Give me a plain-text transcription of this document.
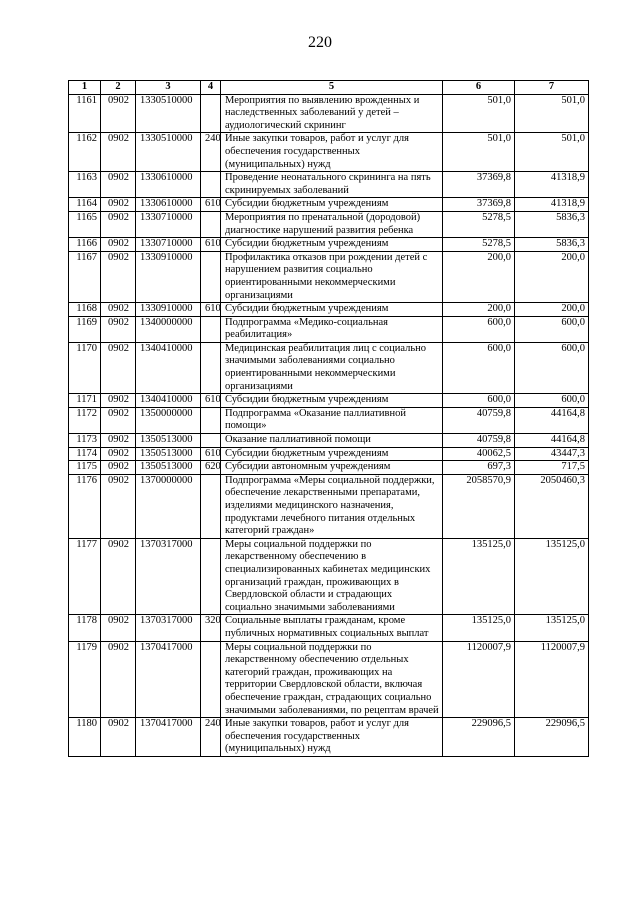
220
1	2	3	4	5	6	7
1161	0902	1330510000		Мероприятия по выявлению врожденных и наследственных заболеваний у детей – аудиологический скрининг	501,0	501,0
1162	0902	1330510000	240	Иные закупки товаров, работ и услуг для обеспечения государственных (муниципальных) нужд	501,0	501,0
1163	0902	1330610000		Проведение неонатального скрининга на пять скринируемых заболеваний	37369,8	41318,9
1164	0902	1330610000	610	Субсидии бюджетным учреждениям	37369,8	41318,9
1165	0902	1330710000		Мероприятия по пренатальной (дородовой) диагностике нарушений развития ребенка	5278,5	5836,3
1166	0902	1330710000	610	Субсидии бюджетным учреждениям	5278,5	5836,3
1167	0902	1330910000		Профилактика отказов при рождении детей с нарушением развития социально ориентированными некоммерческими организациями	200,0	200,0
1168	0902	1330910000	610	Субсидии бюджетным учреждениям	200,0	200,0
1169	0902	1340000000		Подпрограмма «Медико-социальная реабилитация»	600,0	600,0
1170	0902	1340410000		Медицинская реабилитация лиц с социально значимыми заболеваниями социально ориентированными некоммерческими организациями	600,0	600,0
1171	0902	1340410000	610	Субсидии бюджетным учреждениям	600,0	600,0
1172	0902	1350000000		Подпрограмма «Оказание паллиативной помощи»	40759,8	44164,8
1173	0902	1350513000		Оказание паллиативной помощи	40759,8	44164,8
1174	0902	1350513000	610	Субсидии бюджетным учреждениям	40062,5	43447,3
1175	0902	1350513000	620	Субсидии автономным учреждениям	697,3	717,5
1176	0902	1370000000		Подпрограмма «Меры социальной поддержки, обеспечение лекарственными препаратами, изделиями медицинского назначения, продуктами лечебного питания отдельных категорий граждан»	2058570,9	2050460,3
1177	0902	1370317000		Меры социальной поддержки по лекарственному обеспечению в специализированных кабинетах медицинских организаций граждан, проживающих в Свердловской области и страдающих социально значимыми заболеваниями	135125,0	135125,0
1178	0902	1370317000	320	Социальные выплаты гражданам, кроме публичных нормативных социальных выплат	135125,0	135125,0
1179	0902	1370417000		Меры социальной поддержки по лекарственному обеспечению отдельных категорий граждан, проживающих на территории Свердловской области, включая обеспечение граждан, страдающих социально значимыми заболеваниями, по рецептам врачей	1120007,9	1120007,9
1180	0902	1370417000	240	Иные закупки товаров, работ и услуг для обеспечения государственных (муниципальных) нужд	229096,5	229096,5
